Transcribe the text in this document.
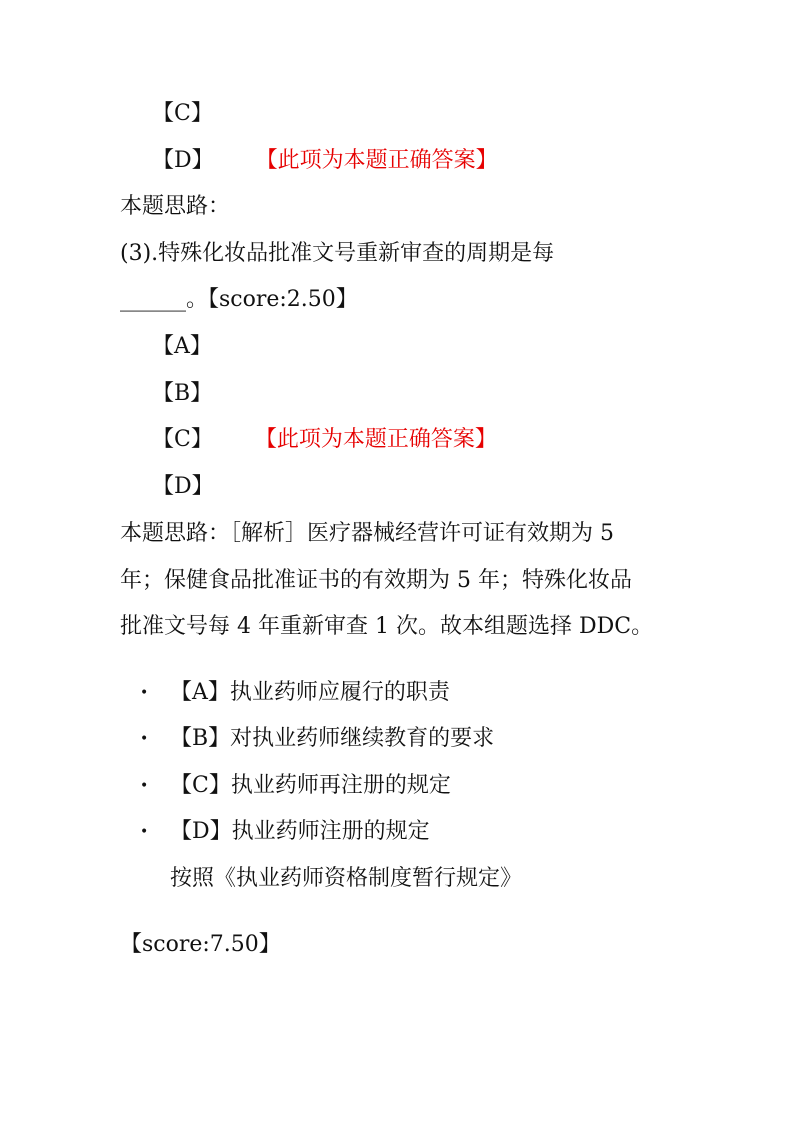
【C】
【D】 【此项为本题正确答案】
本题思路：
(3).特殊化妆品批准文号重新审查的周期是每
______。【score:2.50】
【A】
【B】
【C】 【此项为本题正确答案】
【D】
本题思路：［解析］医疗器械经营许可证有效期为 5
年；保健食品批准证书的有效期为 5 年；特殊化妆品
批准文号每 4 年重新审查 1 次。故本组题选择 DDC。
• 【A】执业药师应履行的职责
• 【B】对执业药师继续教育的要求
• 【C】执业药师再注册的规定
• 【D】执业药师注册的规定
按照《执业药师资格制度暂行规定》
【score:7.50】
